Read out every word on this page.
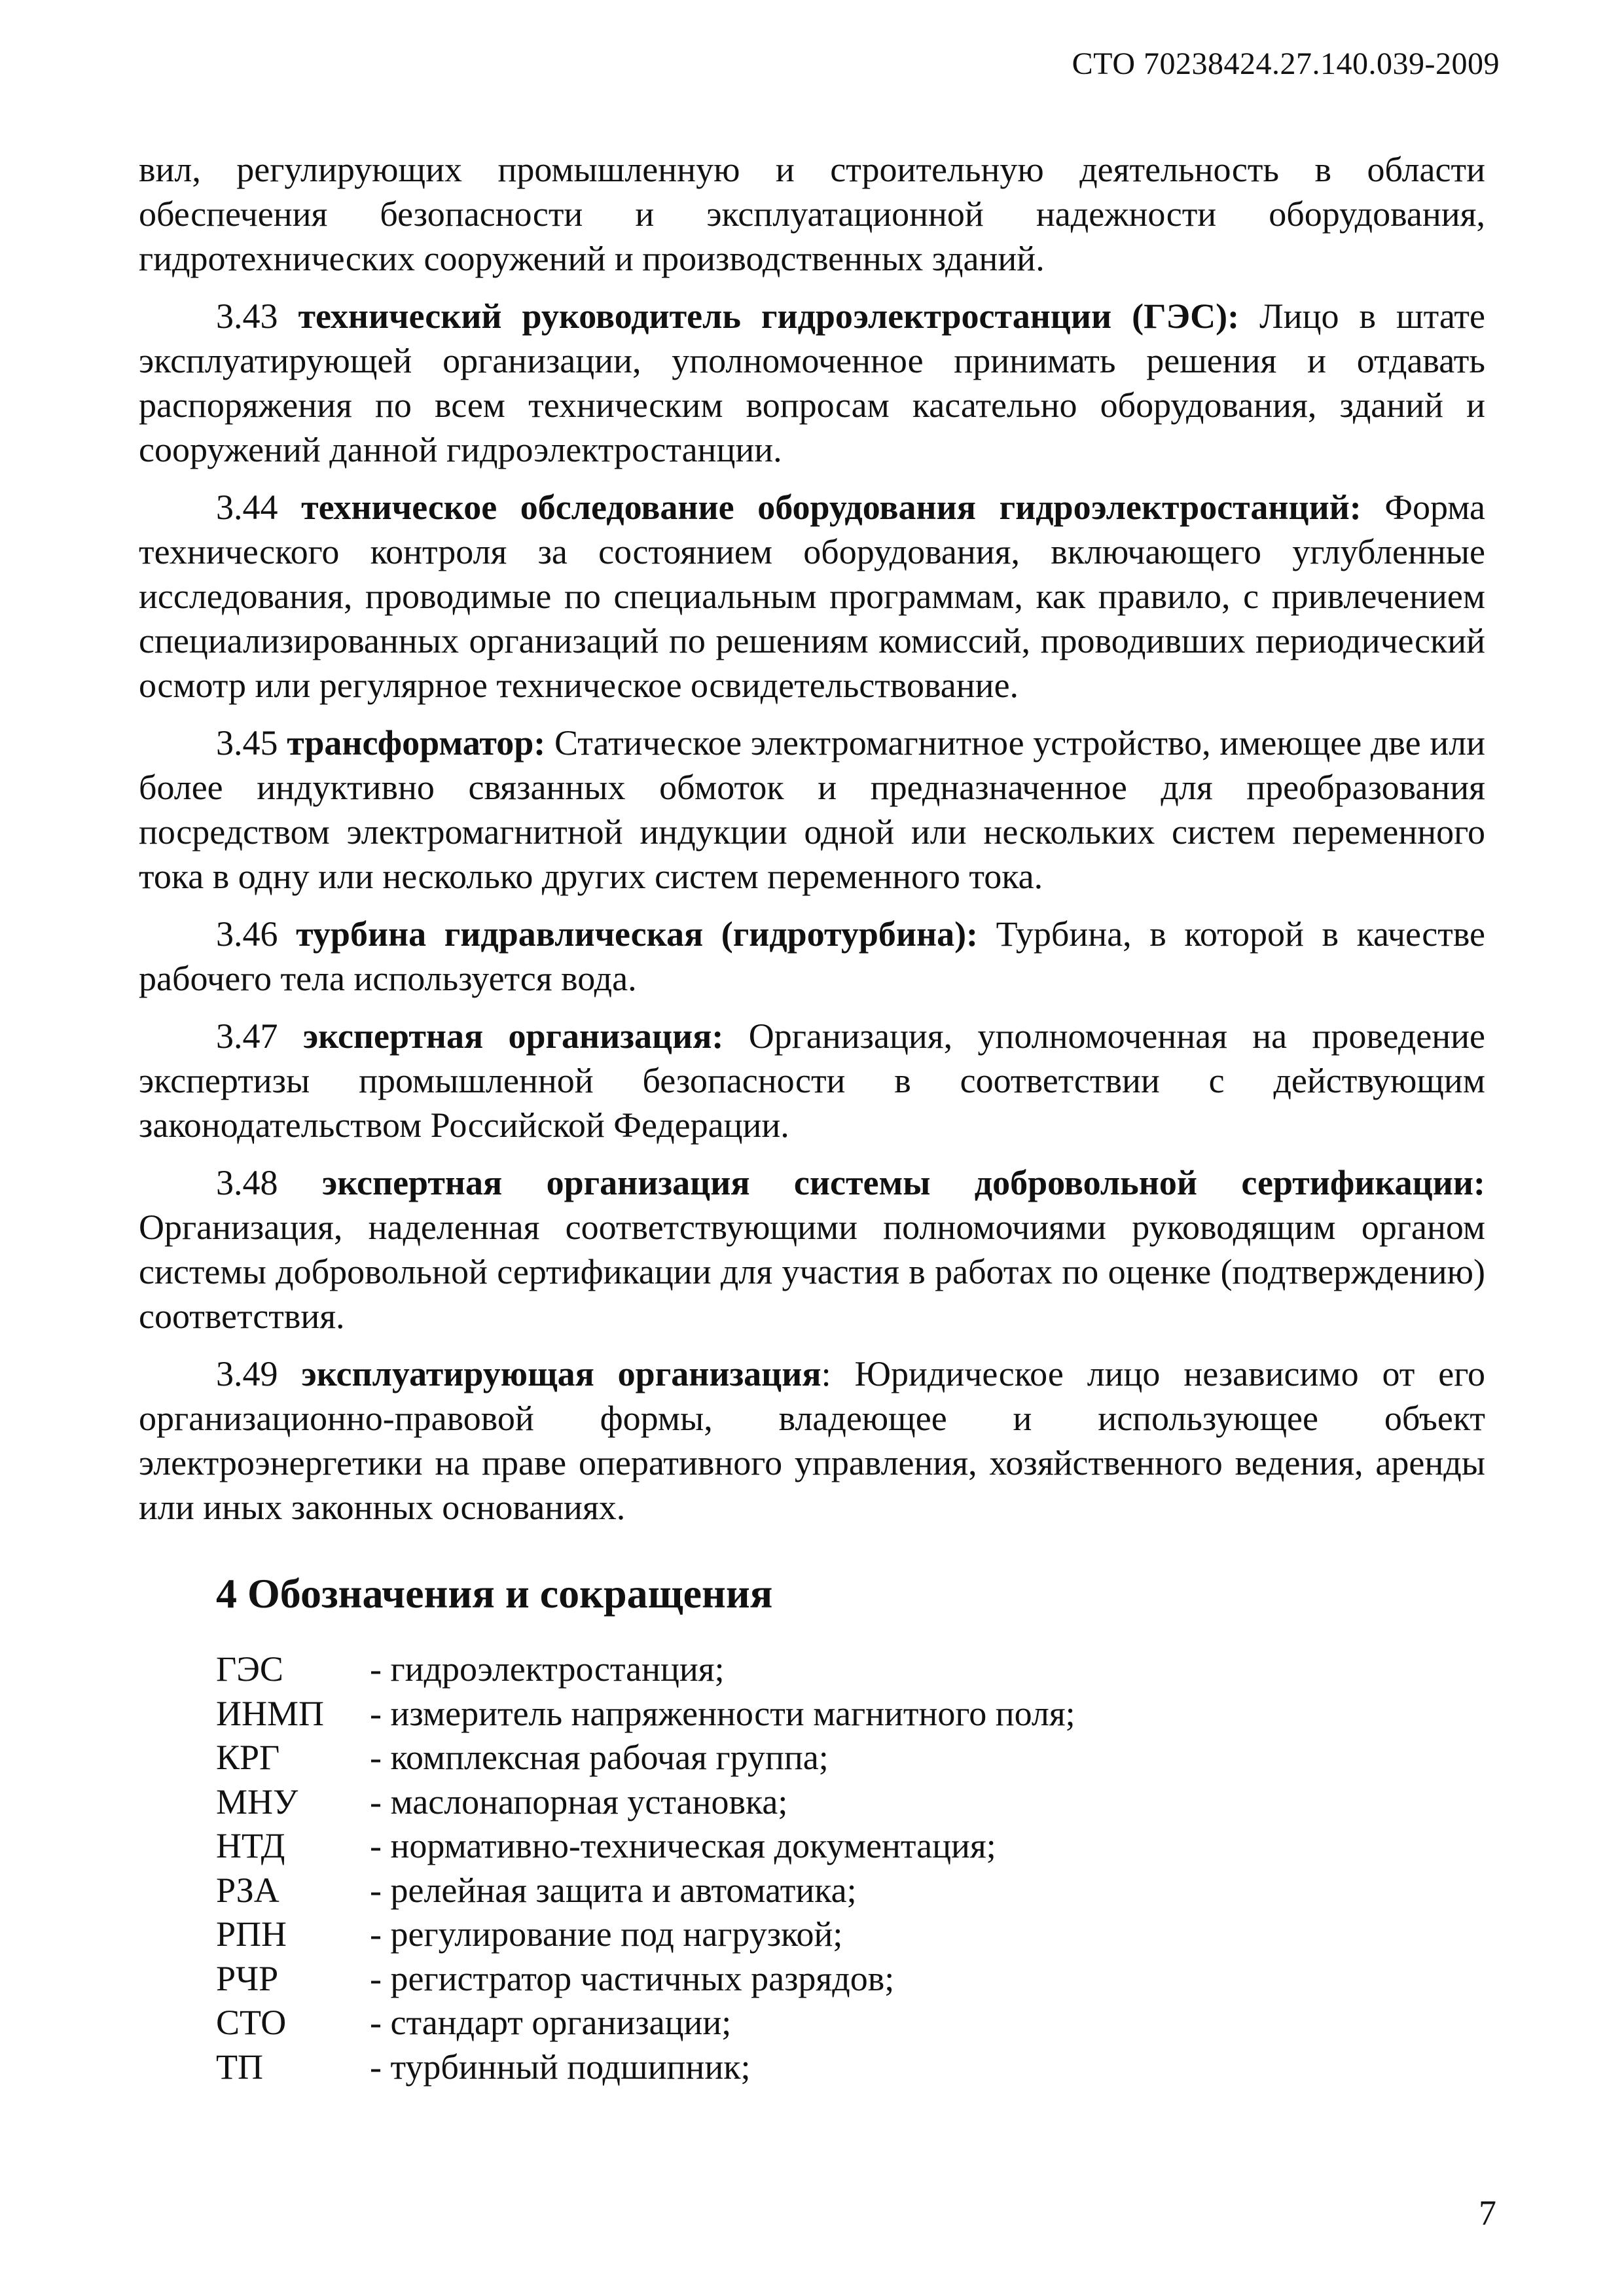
СТО 70238424.27.140.039-2009

вил, регулирующих промышленную и строительную деятельность в области обеспечения безопасности и эксплуатационной надежности оборудования, гидротехнических сооружений и производственных зданий.

3.43 технический руководитель гидроэлектростанции (ГЭС): Лицо в штате эксплуатирующей организации, уполномоченное принимать решения и отдавать распоряжения по всем техническим вопросам касательно оборудования, зданий и сооружений данной гидроэлектростанции.

3.44 техническое обследование оборудования гидроэлектростанций: Форма технического контроля за состоянием оборудования, включающего углубленные исследования, проводимые по специальным программам, как правило, с привлечением специализированных организаций по решениям комиссий, проводивших периодический осмотр или регулярное техническое освидетельствование.

3.45 трансформатор: Статическое электромагнитное устройство, имеющее две или более индуктивно связанных обмоток и предназначенное для преобразования посредством электромагнитной индукции одной или нескольких систем переменного тока в одну или несколько других систем переменного тока.

3.46 турбина гидравлическая (гидротурбина): Турбина, в которой в качестве рабочего тела используется вода.

3.47 экспертная организация: Организация, уполномоченная на проведение экспертизы промышленной безопасности в соответствии с действующим законодательством Российской Федерации.

3.48 экспертная организация системы добровольной сертификации: Организация, наделенная соответствующими полномочиями руководящим органом системы добровольной сертификации для участия в работах по оценке (подтверждению) соответствия.

3.49 эксплуатирующая организация: Юридическое лицо независимо от его организационно-правовой формы, владеющее и использующее объект электроэнергетики на праве оперативного управления, хозяйственного ведения, аренды или иных законных основаниях.

4 Обозначения и сокращения
ГЭС	- гидроэлектростанция;
ИНМП	- измеритель напряженности магнитного поля;
КРГ	- комплексная рабочая группа;
МНУ	- маслонапорная установка;
НТД	- нормативно-техническая документация;
РЗА	- релейная защита и автоматика;
РПН	- регулирование под нагрузкой;
РЧР	- регистратор частичных разрядов;
СТО	- стандарт организации;
ТП	- турбинный подшипник;
7
